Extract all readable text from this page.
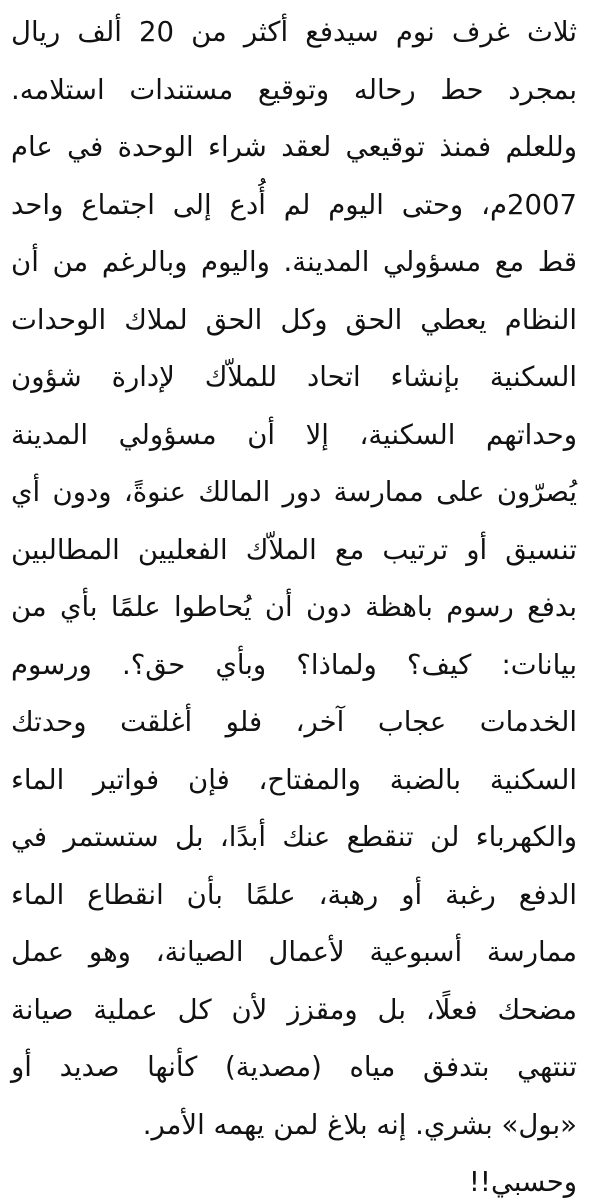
ثلاث غرف نوم سيدفع أكثر من 20 ألف ريال
بمجرد حط رحاله وتوقيع مستندات استلامه.
وللعلم فمنذ توقيعي لعقد شراء الوحدة في عام
2007م، وحتى اليوم لم أُدع إلى اجتماع واحد
قط مع مسؤولي المدينة. واليوم وبالرغم من أن
النظام يعطي الحق وكل الحق لملاك الوحدات
السكنية بإنشاء اتحاد للملاّك لإدارة شؤون
وحداتهم السكنية، إلا أن مسؤولي المدينة
يُصرّون على ممارسة دور المالك عنوةً، ودون أي
تنسيق أو ترتيب مع الملاّك الفعليين المطالبين
بدفع رسوم باهظة دون أن يُحاطوا علمًا بأي من
بيانات: كيف؟ ولماذا؟ وبأي حق؟. ورسوم
الخدمات عجاب آخر، فلو أغلقت وحدتك
السكنية بالضبة والمفتاح، فإن فواتير الماء
والكهرباء لن تنقطع عنك أبدًا، بل ستستمر في
الدفع رغبة أو رهبة، علمًا بأن انقطاع الماء
ممارسة أسبوعية لأعمال الصيانة، وهو عمل
مضحك فعلًا، بل ومقزز لأن كل عملية صيانة
تنتهي بتدفق مياه (مصدية) كأنها صديد أو
«بول» بشري. إنه بلاغ لمن يهمه الأمر.
وحسبي!!
